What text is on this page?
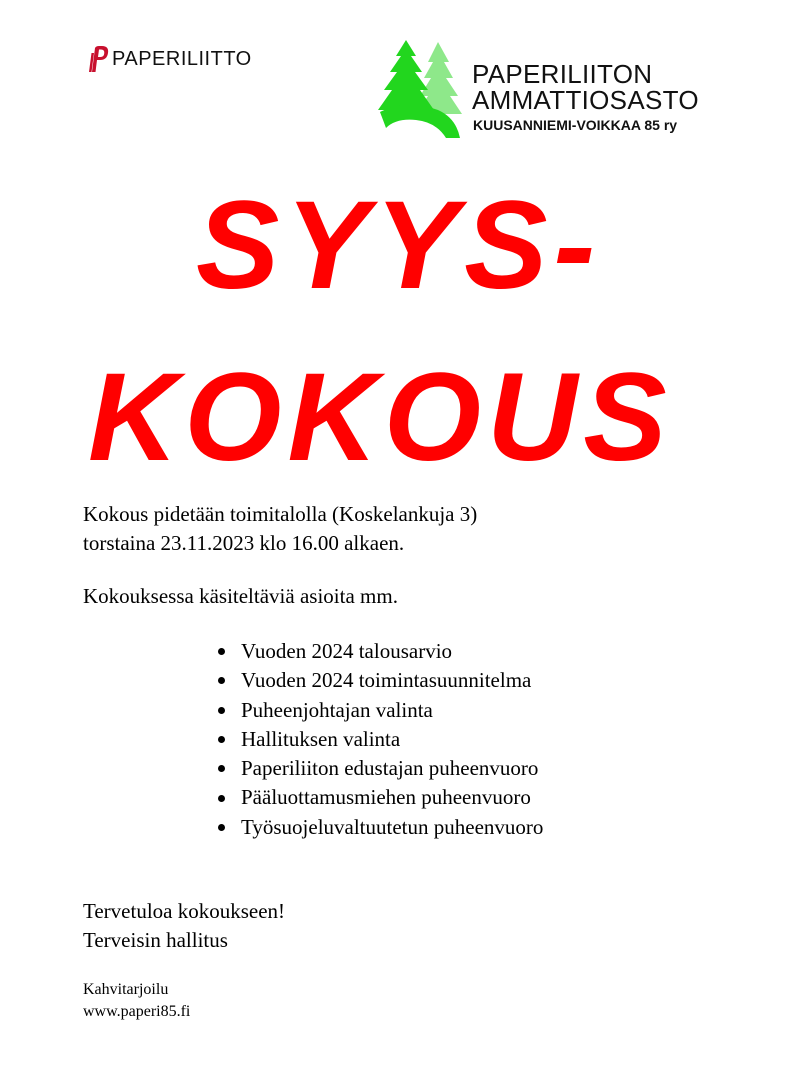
PAPERILIITTO	PAPERILIITON
AMMATTIOSASTO
KUUSANNIEMI-VOIKKAA 85 ry
SYYS-
KOKOUS
Kokous pidetään toimitalolla (Koskelankuja 3)
torstaina 23.11.2023 klo 16.00 alkaen.
Kokouksessa käsiteltäviä asioita mm.
Vuoden 2024 talousarvio
Vuoden 2024 toimintasuunnitelma
Puheenjohtajan valinta
Hallituksen valinta
Paperiliiton edustajan puheenvuoro
Pääluottamusmiehen puheenvuoro
Työsuojeluvaltuutetun puheenvuoro
Tervetuloa kokoukseen!
Terveisin hallitus
Kahvitarjoilu
www.paperi85.fi
